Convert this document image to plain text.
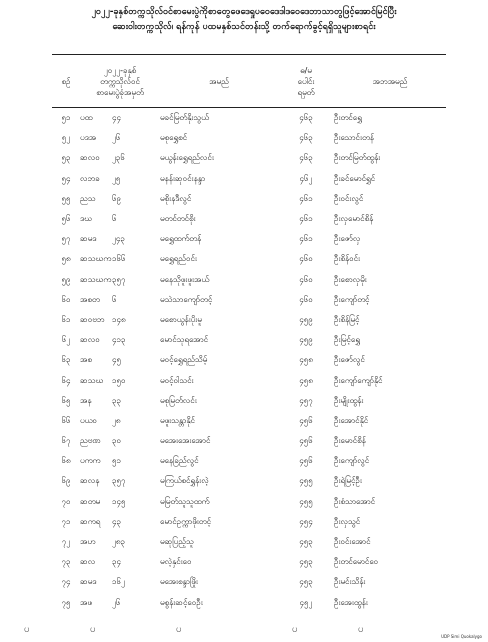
၂၀၂၂-ခုနှစ်တက္ကသိုလ်ဝင်စာမေးပွဲကိုစာတွေဖေဒေရှုပဝေဒေဒါဒဝေဒေဘာသာတွဲဖြင့်အောင်မြင်ပြီး
ဆေး၀ါးတက္ကသိုလ်၊ ရန်ကုန် ပထမနှစ်သင်တန်းသို့ တက်ရောက်ခွင့်ရရှိသူများစာရင်း
စဉ်	၂၀၂၂-ခုနှစ်
တက္ကသိုလ်ဝင်
စာမေးပွဲခုံအမှတ်	အမည်	ဓ/မ
ပေါင်း
ရမှတ်	အဘအမည်
၅၁	ပထ ၄၄	မခင်မြတ်နိုးသွယ်	၄၆၃	ဦးတင်ရွှေ
၅၂	ပဒအ ၂၆	မစုရွှေစင်	၄၆၃	ဦးသောင်းတန်
၅၃	ဆလဝ ၂၃၆	မယွန်းရွှေရည်လင်း	၄၆၃	ဦးတင်မြတ်ထွန်း
၅၄	လဘခ ၂၅	မနန်းဆုဝင်းနန္ဒာ	၄၆၂	ဦးခင်မောင်ရွှင်
၅၅	ညသ ၆၉	မစိုးနဒီလွင်	၄၆၁	ဦးဝင်းလွင်
၅၆	ဒဃ ၆	မတင်တင်စိုး	၄၆၁	ဦးလှမောင်စိန်
၅၇	ဆမဒ ၂၄၃	မရွှေထက်တန်	၄၆၁	ဦးဇော်လှ
၅၈	ဆသဃက၁၆၆	မရွှေရည်ဝင်း	၄၆၀	ဦးစိန်ဝင်း
၅၉	ဆသဃက၃၅၇	မနေသိုဖူးဖူးအယ်	၄၆၀	ဦးစောလှမိုး
၆၀	အစတ ၆	မသဲသာကျော်တင့်	၄၆၀	ဦးကျော်တင့်
၆၁	ဆဝဗဘ ၁၄၈	မစောယွန်းပိုးမူ	၄၅၉	ဦးစိန်မြင့်
၆၂	ဆလဝ ၄၁၃	မောင်သုရအောင်	၄၅၉	ဦးမြင့်ရွှေ
၆၃	အစ ၄၅	မဝင့်ရွှေရည်သိမ့်	၄၅၈	ဦးဇော်လွင်
၆၄	ဆသဃ ၁၅၀	မဝင့်ဝါသင်း	၄၅၈	ဦးကျော်ကျော်နိုင်
၆၅	အန ၃၃	မစုမြတ်လင်း	၄၅၇	ဦးမျိုးထွန်း
၆၆	ပယဝ ၂၈	မဖူးသန္တာနိုင်	၄၅၆	ဦးအောင်နိုင်
၆၇	ညဗဏ ၃၀	မအေးအေးအောင်	၄၅၆	ဦးမောင်စိန်
၆၈	ပကက ၅၁	မနေခြည်လွင်	၄၅၆	ဦးကျော်လွင်
၆၉	ဆလန ၃၅၇	မကြယ်စင်ရွှန်းလဲ့	၄၅၅	ဦးရဲမြင့်ဦး
၇၀	ဆတမ ၁၄၅	မမြတ်သူသူထက်	၄၅၅	ဦးစံသာအောင်
၇၁	ဆကရ ၄၃	မောင်ဥက္ကာဖိုးတင့်	၄၅၄	ဦးလှသွင်
၇၂	အဟ ၂၈၃	မဆုပြည့်သူ	၄၅၃	ဦးဝင်းအောင်
၇၃	ဆလ ၃၄	မလဲ့နှင်းဝေ	၄၅၃	ဦးတင်မောင်ဝေ
၇၄	ဆမဒ ၁၆၂	မအေးစန္ဒာဖြိုး	၄၅၃	ဦးမင်းသိန်း
၇၅	အဖ ၂၆	မစွန်းဆင့်ဝေဦး	၄၅၂	ဦးအေးထွန်း
ပ	ပ	ပ	ပ	ပ
UDP Simi Quokalygo
